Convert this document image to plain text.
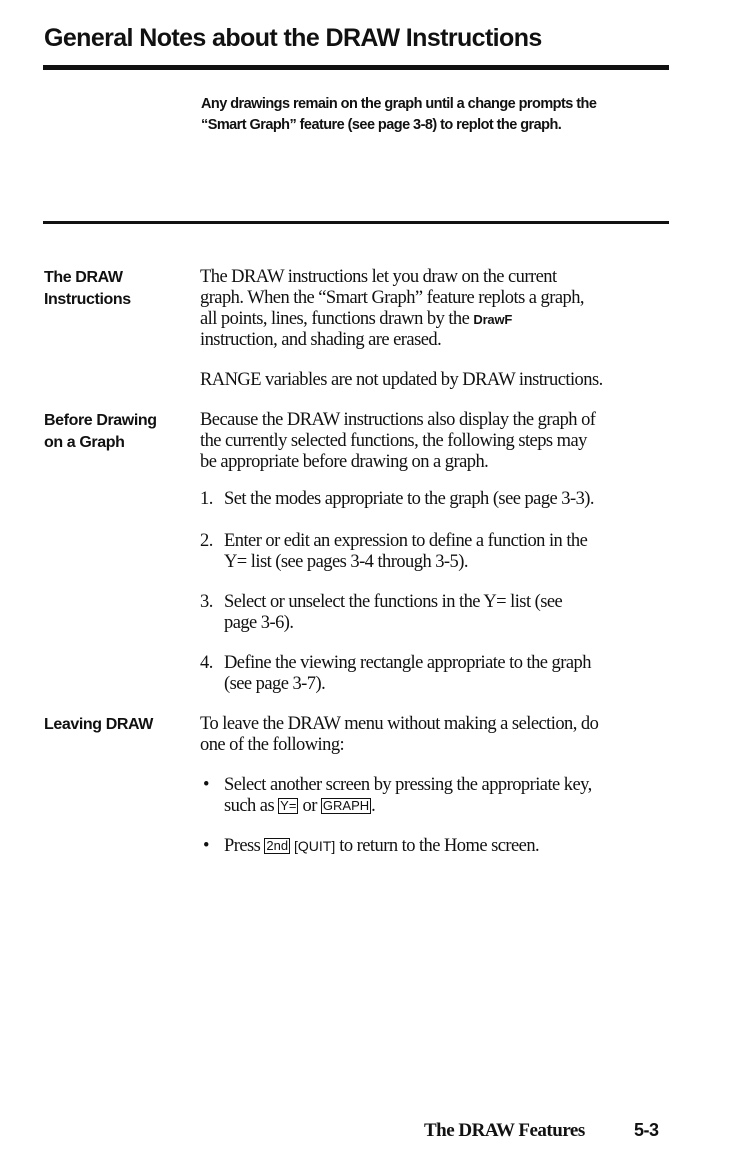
General Notes about the DRAW Instructions
Any drawings remain on the graph until a change prompts the
“Smart Graph” feature (see page 3-8) to replot the graph.
The DRAW
Instructions
The DRAW instructions let you draw on the current
graph. When the “Smart Graph” feature replots a graph,
all points, lines, functions drawn by the DrawF
instruction, and shading are erased.
RANGE variables are not updated by DRAW instructions.
Before Drawing
on a Graph
Because the DRAW instructions also display the graph of
the currently selected functions, the following steps may
be appropriate before drawing on a graph.
1. Set the modes appropriate to the graph (see page 3-3).
2. Enter or edit an expression to define a function in the
Y= list (see pages 3-4 through 3-5).
3. Select or unselect the functions in the Y= list (see
page 3-6).
4. Define the viewing rectangle appropriate to the graph
(see page 3-7).
Leaving DRAW	To leave the DRAW menu without making a selection, do
one of the following:
• Select another screen by pressing the appropriate key,
such as Y= or GRAPH .
• Press 2nd [QUIT] to return to the Home screen.
The DRAW Features	5-3
